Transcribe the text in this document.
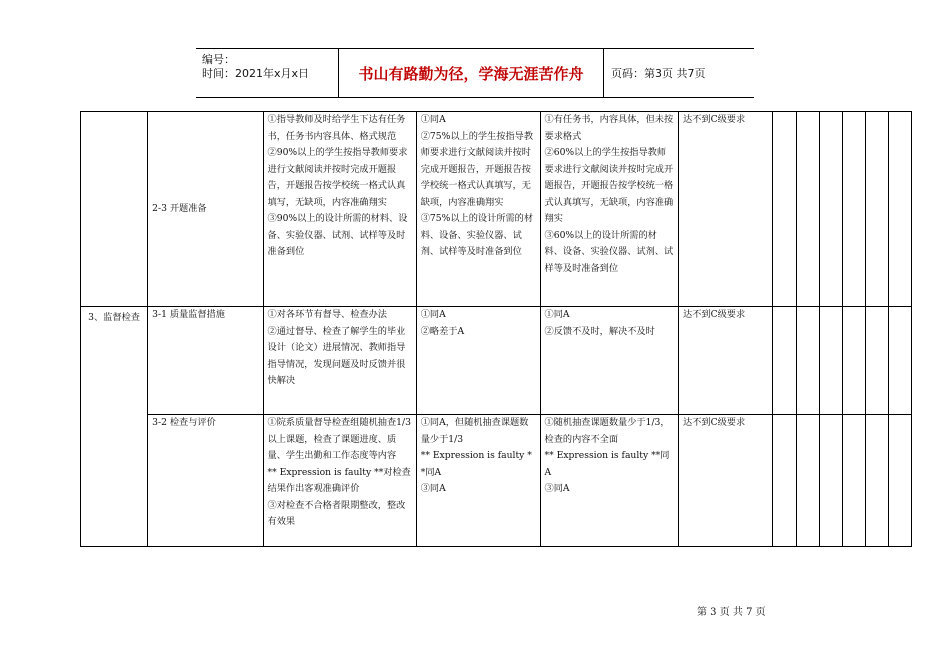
编号：
时间：2021年x月x日	书山有路勤为径，学海无涯苦作舟	页码：第3页 共7页
	2-3 开题准备	①指导教师及时给学生下达有任务书，任务书内容具体、格式规范
②90%以上的学生按指导教师要求进行文献阅读并按时完成开题报告，开题报告按学校统一格式认真填写，无缺项，内容准确翔实
③90%以上的设计所需的材料、设备、实验仪器、试剂、试样等及时准备到位	①同A
②75%以上的学生按指导教师要求进行文献阅读并按时完成开题报告，开题报告按学校统一格式认真填写，无缺项，内容准确翔实
③75%以上的设计所需的材料、设备、实验仪器、试剂、试样等及时准备到位	①有任务书，内容具体，但未按要求格式
②60%以上的学生按指导教师要求进行文献阅读并按时完成开题报告，开题报告按学校统一格式认真填写，无缺项，内容准确翔实
③60%以上的设计所需的材料、设备、实验仪器、试剂、试样等及时准备到位	达不到C级要求						
3、监督检查	3-1 质量监督措施	①对各环节有督导、检查办法
②通过督导、检查了解学生的毕业设计（论文）进展情况、教师指导指导情况，发现问题及时反馈并很快解决	①同A
②略差于A	①同A
②反馈不及时，解决不及时	达不到C级要求						
	3-2 检查与评价	①院系质量督导检查组随机抽查1/3以上课题，检查了课题进度、质量、学生出勤和工作态度等内容
** Expression is faulty **对检查结果作出客观准确评价
③对检查不合格者限期整改，整改有效果	①同A，但随机抽查课题数量少于1/3
** Expression is faulty **同A
③同A	①随机抽查课题数量少于1/3，检查的内容不全面
** Expression is faulty **同A
③同A	达不到C级要求						
第 3 页 共 7 页
